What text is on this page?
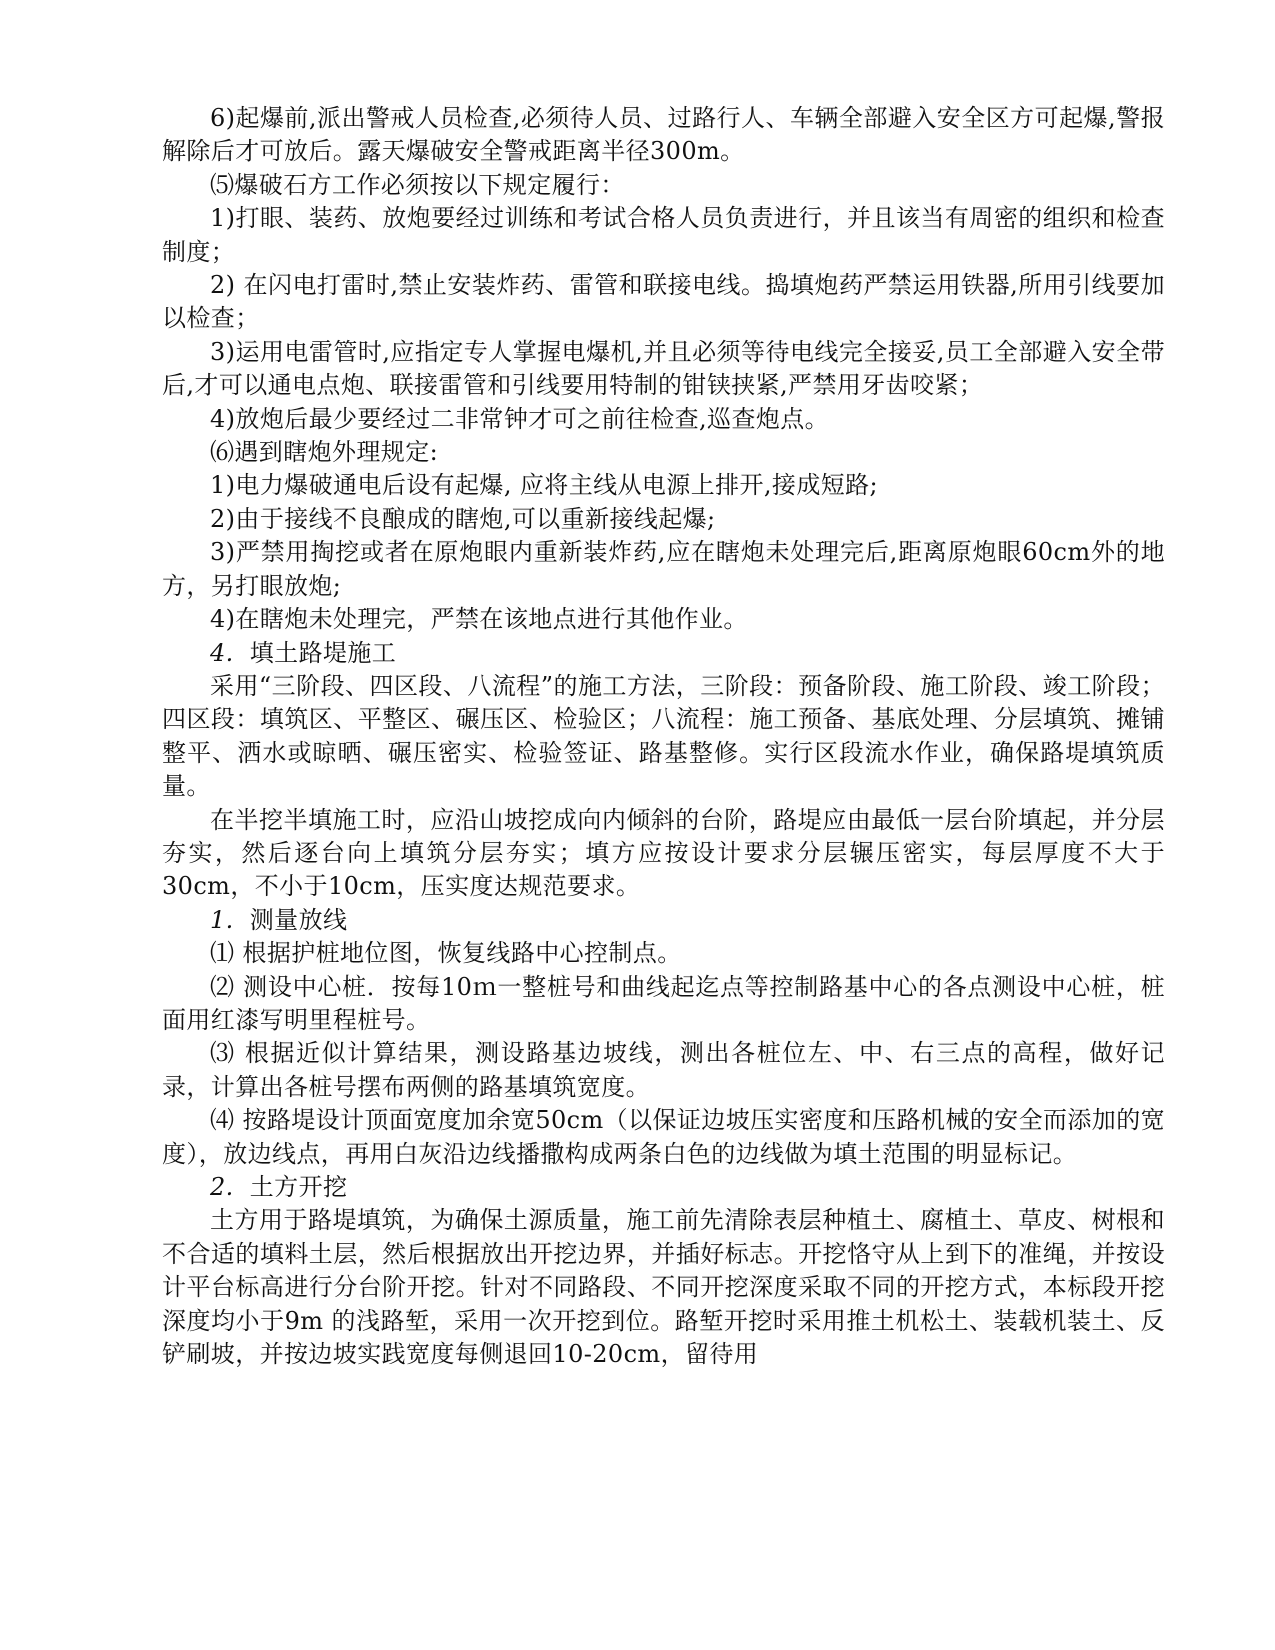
6)起爆前,派出警戒人员检查,必须待人员、过路行人、车辆全部避入安全区方可起爆,警报解除后才可放后。露天爆破安全警戒距离半径300m。

⑸爆破石方工作必须按以下规定履行：

1)打眼、装药、放炮要经过训练和考试合格人员负责进行，并且该当有周密的组织和检查制度；

2) 在闪电打雷时,禁止安装炸药、雷管和联接电线。捣填炮药严禁运用铁器,所用引线要加以检查；

3)运用电雷管时,应指定专人掌握电爆机,并且必须等待电线完全接妥,员工全部避入安全带后,才可以通电点炮、联接雷管和引线要用特制的钳铗挟紧,严禁用牙齿咬紧；

4)放炮后最少要经过二非常钟才可之前往检查,巡查炮点。

⑹遇到瞎炮外理规定:

1)电力爆破通电后设有起爆, 应将主线从电源上排开,接成短路;

2)由于接线不良酿成的瞎炮,可以重新接线起爆;

3)严禁用掏挖或者在原炮眼内重新装炸药,应在瞎炮未处理完后,距离原炮眼60cm外的地方，另打眼放炮;

4)在瞎炮未处理完，严禁在该地点进行其他作业。

4. 填土路堤施工

采用“三阶段、四区段、八流程”的施工方法，三阶段：预备阶段、施工阶段、竣工阶段；四区段：填筑区、平整区、碾压区、检验区；八流程：施工预备、基底处理、分层填筑、摊铺整平、洒水或晾晒、碾压密实、检验签证、路基整修。实行区段流水作业，确保路堤填筑质量。

在半挖半填施工时，应沿山坡挖成向内倾斜的台阶，路堤应由最低一层台阶填起，并分层夯实，然后逐台向上填筑分层夯实；填方应按设计要求分层辗压密实，每层厚度不大于30cm，不小于10cm，压实度达规范要求。

1. 测量放线

⑴ 根据护桩地位图，恢复线路中心控制点。

⑵ 测设中心桩．按每10ｍ一整桩号和曲线起迄点等控制路基中心的各点测设中心桩，桩面用红漆写明里程桩号。

⑶ 根据近似计算结果，测设路基边坡线，测出各桩位左、中、右三点的高程，做好记录，计算出各桩号摆布两侧的路基填筑宽度。

⑷ 按路堤设计顶面宽度加余宽50cm（以保证边坡压实密度和压路机械的安全而添加的宽度），放边线点，再用白灰沿边线播撒构成两条白色的边线做为填土范围的明显标记。

2. 土方开挖

土方用于路堤填筑，为确保土源质量，施工前先清除表层种植土、腐植土、草皮、树根和不合适的填料土层，然后根据放出开挖边界，并插好标志。开挖恪守从上到下的准绳，并按设计平台标高进行分台阶开挖。针对不同路段、不同开挖深度采取不同的开挖方式，本标段开挖深度均小于9m 的浅路堑，采用一次开挖到位。路堑开挖时采用推土机松土、装载机装土、反铲刷坡，并按边坡实践宽度每侧退回10-20cm，留待用
